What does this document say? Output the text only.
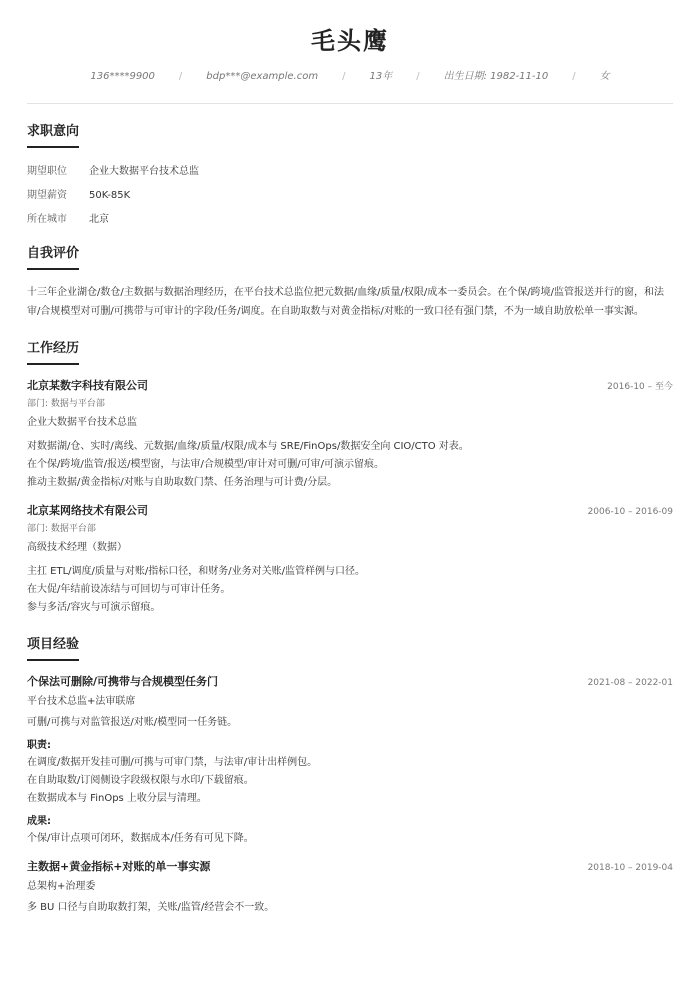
毛头鹰
136****9900	/	bdp***@example.com	/	13年	/	出生日期: 1982-11-10	/	女
求职意向
期望职位	企业大数据平台技术总监
期望薪资	50K-85K
所在城市	北京
自我评价
十三年企业湖仓/数仓/主数据与数据治理经历，在平台技术总监位把元数据/血缘/质量/权限/成本一委员会。在个保/跨境/监管报送并行的窗，和法审/合规模型对可删/可携带与可审计的字段/任务/调度。在自助取数与对黄金指标/对账的一致口径有强门禁，不为一域自助放松单一事实源。
工作经历
北京某数字科技有限公司	2016-10 – 至今
部门: 数据与平台部
企业大数据平台技术总监
对数据湖/仓、实时/离线、元数据/血缘/质量/权限/成本与 SRE/FinOps/数据安全向 CIO/CTO 对表。
在个保/跨境/监管/报送/模型窗，与法审/合规模型/审计对可删/可审/可演示留痕。
推动主数据/黄金指标/对账与自助取数门禁、任务治理与可计费/分层。
北京某网络技术有限公司	2006-10 – 2016-09
部门: 数据平台部
高级技术经理（数据）
主扛 ETL/调度/质量与对账/指标口径，和财务/业务对关账/监管样例与口径。
在大促/年结前设冻结与可回切与可审计任务。
参与多活/容灾与可演示留痕。
项目经验
个保法可删除/可携带与合规模型任务门	2021-08 – 2022-01
平台技术总监+法审联席
可删/可携与对监管报送/对账/模型同一任务链。
职责:
在调度/数据开发挂可删/可携与可审门禁，与法审/审计出样例包。
在自助取数/订阅侧设字段级权限与水印/下载留痕。
在数据成本与 FinOps 上收分层与清理。
成果:
个保/审计点项可闭环，数据成本/任务有可见下降。
主数据+黄金指标+对账的单一事实源	2018-10 – 2019-04
总架构+治理委
多 BU 口径与自助取数打架，关账/监管/经营会不一致。
